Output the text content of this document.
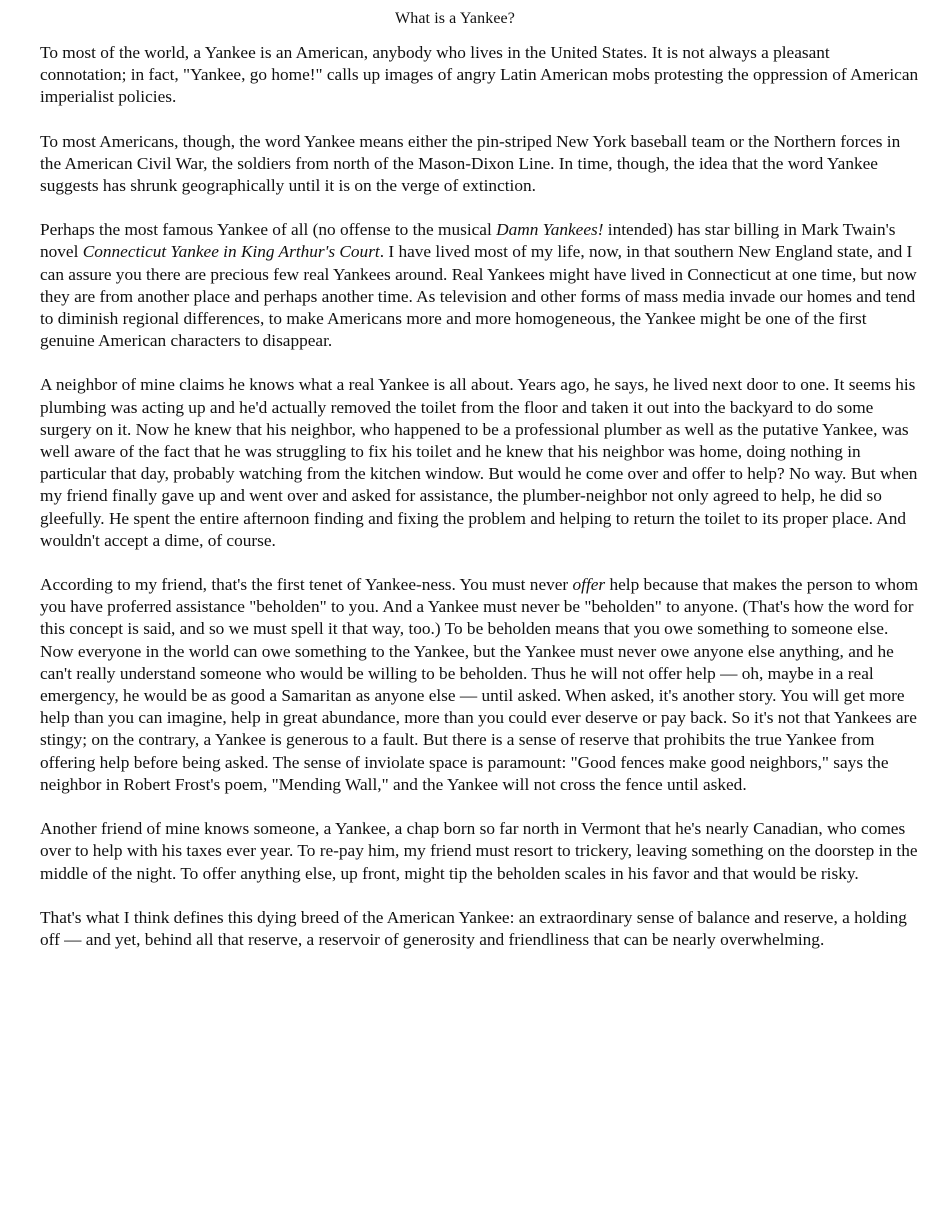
What is a Yankee?

To most of the world, a Yankee is an American, anybody who lives in the United States. It is not always a pleasant connotation; in fact, "Yankee, go home!" calls up images of angry Latin American mobs protesting the oppression of American imperialist policies.

To most Americans, though, the word Yankee means either the pin-striped New York baseball team or the Northern forces in the American Civil War, the soldiers from north of the Mason-Dixon Line. In time, though, the idea that the word Yankee suggests has shrunk geographically until it is on the verge of extinction.

Perhaps the most famous Yankee of all (no offense to the musical Damn Yankees! intended) has star billing in Mark Twain's novel Connecticut Yankee in King Arthur's Court. I have lived most of my life, now, in that southern New England state, and I can assure you there are precious few real Yankees around. Real Yankees might have lived in Connecticut at one time, but now they are from another place and perhaps another time. As television and other forms of mass media invade our homes and tend to diminish regional differences, to make Americans more and more homogeneous, the Yankee might be one of the first genuine American characters to disappear.

A neighbor of mine claims he knows what a real Yankee is all about. Years ago, he says, he lived next door to one. It seems his plumbing was acting up and he'd actually removed the toilet from the floor and taken it out into the backyard to do some surgery on it. Now he knew that his neighbor, who happened to be a professional plumber as well as the putative Yankee, was well aware of the fact that he was struggling to fix his toilet and he knew that his neighbor was home, doing nothing in particular that day, probably watching from the kitchen window. But would he come over and offer to help? No way. But when my friend finally gave up and went over and asked for assistance, the plumber-neighbor not only agreed to help, he did so gleefully. He spent the entire afternoon finding and fixing the problem and helping to return the toilet to its proper place. And wouldn't accept a dime, of course.

According to my friend, that's the first tenet of Yankee-ness. You must never offer help because that makes the person to whom you have proferred assistance "beholden" to you. And a Yankee must never be "beholden" to anyone. (That's how the word for this concept is said, and so we must spell it that way, too.) To be beholden means that you owe something to someone else. Now everyone in the world can owe something to the Yankee, but the Yankee must never owe anyone else anything, and he can't really understand someone who would be willing to be beholden. Thus he will not offer help — oh, maybe in a real emergency, he would be as good a Samaritan as anyone else — until asked. When asked, it's another story. You will get more help than you can imagine, help in great abundance, more than you could ever deserve or pay back. So it's not that Yankees are stingy; on the contrary, a Yankee is generous to a fault. But there is a sense of reserve that prohibits the true Yankee from offering help before being asked. The sense of inviolate space is paramount: "Good fences make good neighbors," says the neighbor in Robert Frost's poem, "Mending Wall," and the Yankee will not cross the fence until asked.

Another friend of mine knows someone, a Yankee, a chap born so far north in Vermont that he's nearly Canadian, who comes over to help with his taxes ever year. To re-pay him, my friend must resort to trickery, leaving something on the doorstep in the middle of the night. To offer anything else, up front, might tip the beholden scales in his favor and that would be risky.

That's what I think defines this dying breed of the American Yankee: an extraordinary sense of balance and reserve, a holding off — and yet, behind all that reserve, a reservoir of generosity and friendliness that can be nearly overwhelming.
